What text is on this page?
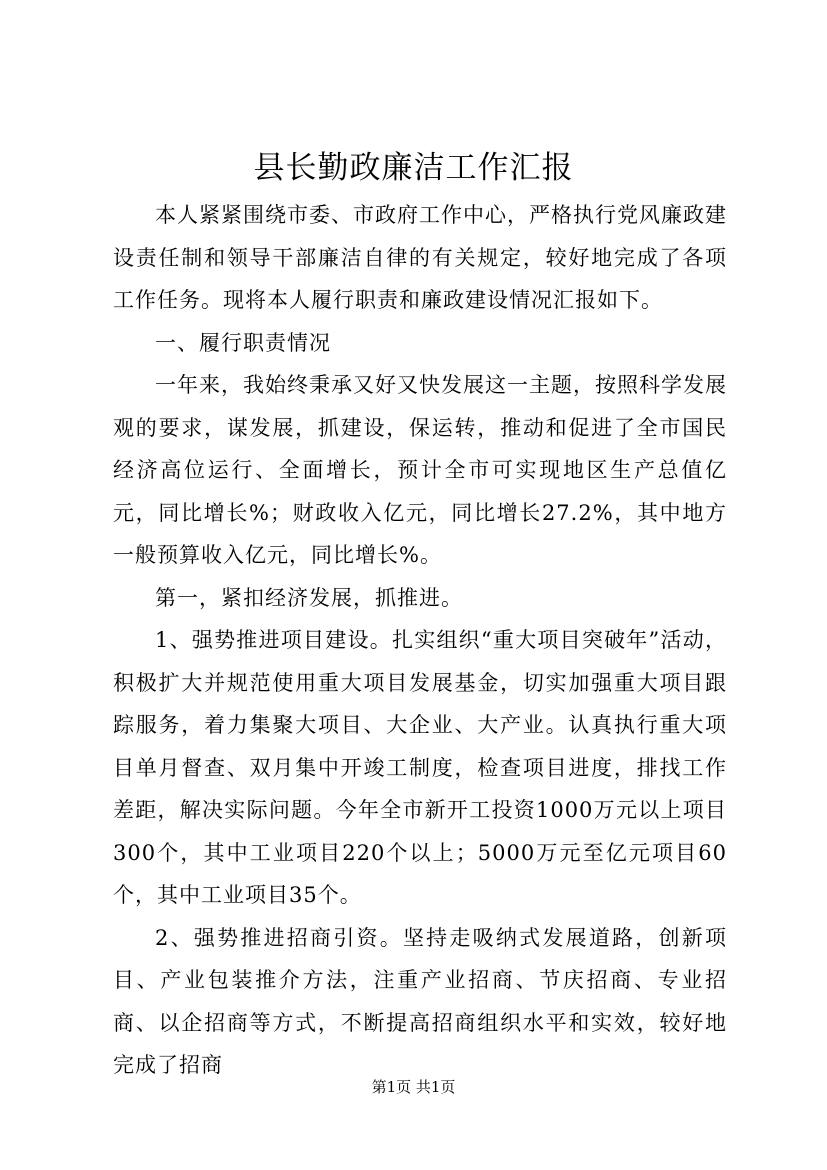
县长勤政廉洁工作汇报

本人紧紧围绕市委、市政府工作中心，严格执行党风廉政建设责任制和领导干部廉洁自律的有关规定，较好地完成了各项工作任务。现将本人履行职责和廉政建设情况汇报如下。

一、履行职责情况

一年来，我始终秉承又好又快发展这一主题，按照科学发展观的要求，谋发展，抓建设，保运转，推动和促进了全市国民经济高位运行、全面增长，预计全市可实现地区生产总值亿元，同比增长%；财政收入亿元，同比增长27.2%，其中地方一般预算收入亿元，同比增长%。

第一，紧扣经济发展，抓推进。

1、强势推进项目建设。扎实组织“重大项目突破年”活动，积极扩大并规范使用重大项目发展基金，切实加强重大项目跟踪服务，着力集聚大项目、大企业、大产业。认真执行重大项目单月督查、双月集中开竣工制度，检查项目进度，排找工作差距，解决实际问题。今年全市新开工投资1000万元以上项目300个，其中工业项目220个以上；5000万元至亿元项目60个，其中工业项目35个。

2、强势推进招商引资。坚持走吸纳式发展道路，创新项目、产业包装推介方法，注重产业招商、节庆招商、专业招商、以企招商等方式，不断提高招商组织水平和实效，较好地完成了招商

第1页 共1页
